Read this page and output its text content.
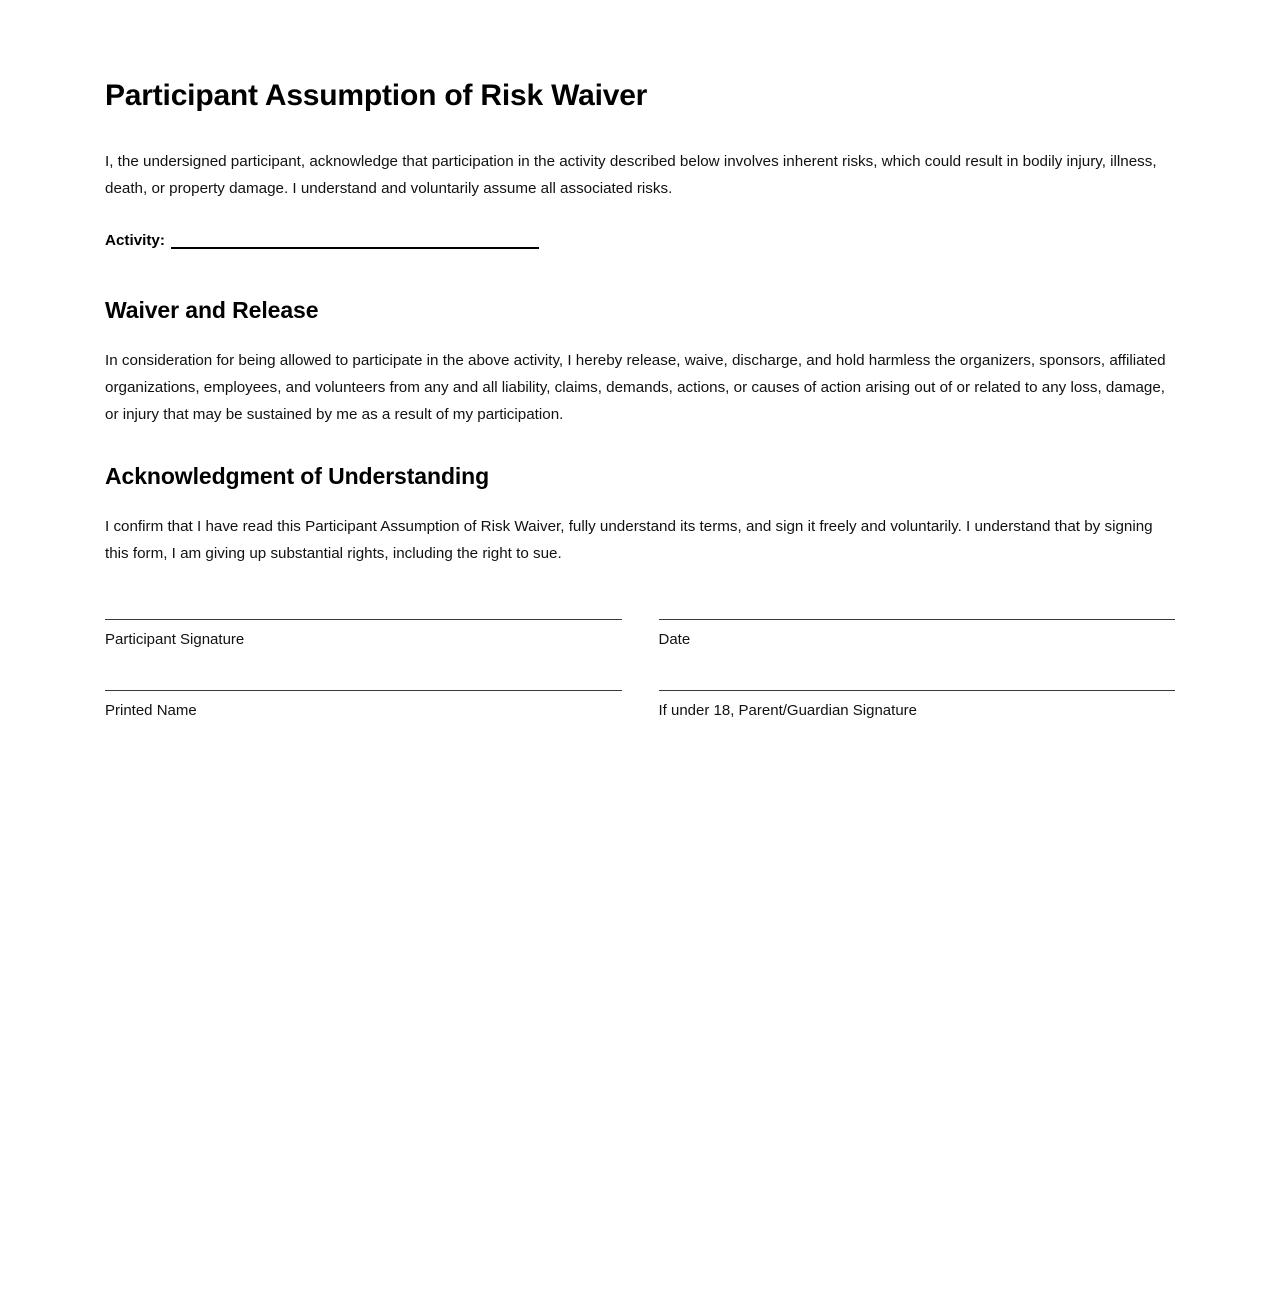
Participant Assumption of Risk Waiver

I, the undersigned participant, acknowledge that participation in the activity described below involves inherent risks, which could result in bodily injury, illness, death, or property damage. I understand and voluntarily assume all associated risks.

Activity:
Waiver and Release

In consideration for being allowed to participate in the above activity, I hereby release, waive, discharge, and hold harmless the organizers, sponsors, affiliated organizations, employees, and volunteers from any and all liability, claims, demands, actions, or causes of action arising out of or related to any loss, damage, or injury that may be sustained by me as a result of my participation.

Acknowledgment of Understanding

I confirm that I have read this Participant Assumption of Risk Waiver, fully understand its terms, and sign it freely and voluntarily. I understand that by signing this form, I am giving up substantial rights, including the right to sue.

Participant Signature	Date
Printed Name	If under 18, Parent/Guardian Signature
